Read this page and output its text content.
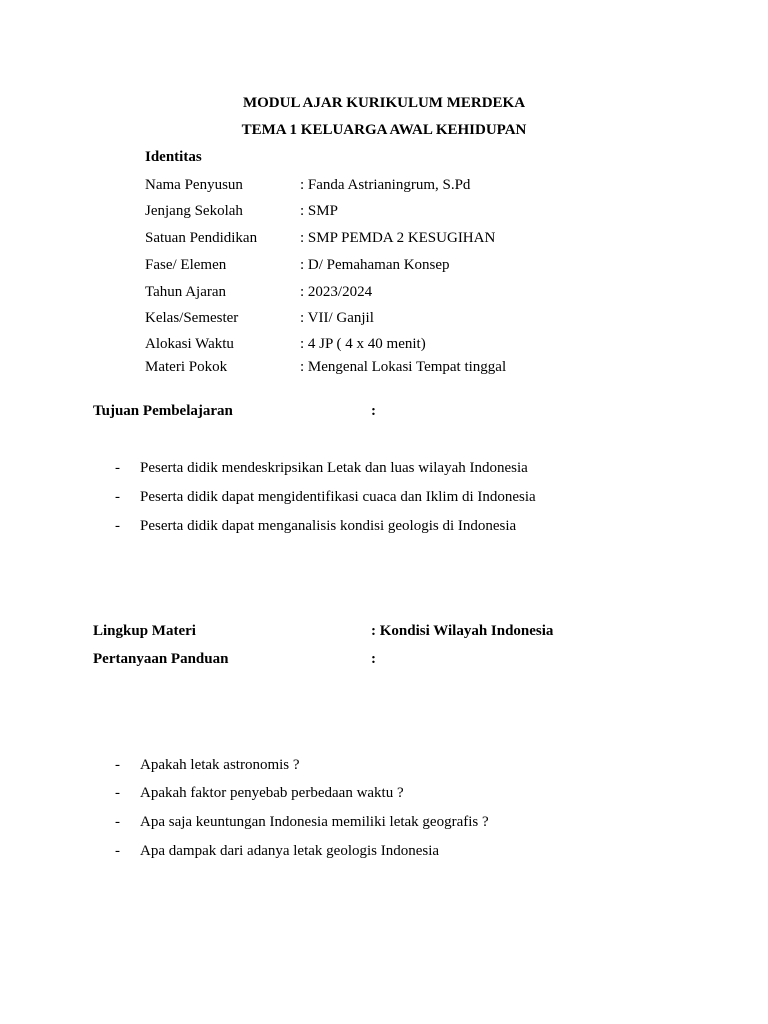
MODUL AJAR KURIKULUM MERDEKA
TEMA 1 KELUARGA AWAL KEHIDUPAN
Identitas
Nama Penyusun	: Fanda Astrianingrum, S.Pd
Jenjang Sekolah	: SMP
Satuan Pendidikan	: SMP PEMDA 2 KESUGIHAN
Fase/ Elemen	: D/ Pemahaman Konsep
Tahun Ajaran	: 2023/2024
Kelas/Semester	: VII/ Ganjil
Alokasi Waktu	: 4 JP ( 4 x 40 menit)
Materi Pokok	: Mengenal Lokasi Tempat tinggal
Tujuan Pembelajaran	:
- Peserta didik mendeskripsikan Letak dan luas wilayah Indonesia
- Peserta didik dapat mengidentifikasi cuaca dan Iklim di Indonesia
- Peserta didik dapat menganalisis kondisi geologis di Indonesia
Lingkup Materi	: Kondisi Wilayah Indonesia
Pertanyaan Panduan	:
- Apakah letak astronomis ?
- Apakah faktor penyebab perbedaan waktu ?
- Apa saja keuntungan Indonesia memiliki letak geografis ?
- Apa dampak dari adanya letak geologis Indonesia
